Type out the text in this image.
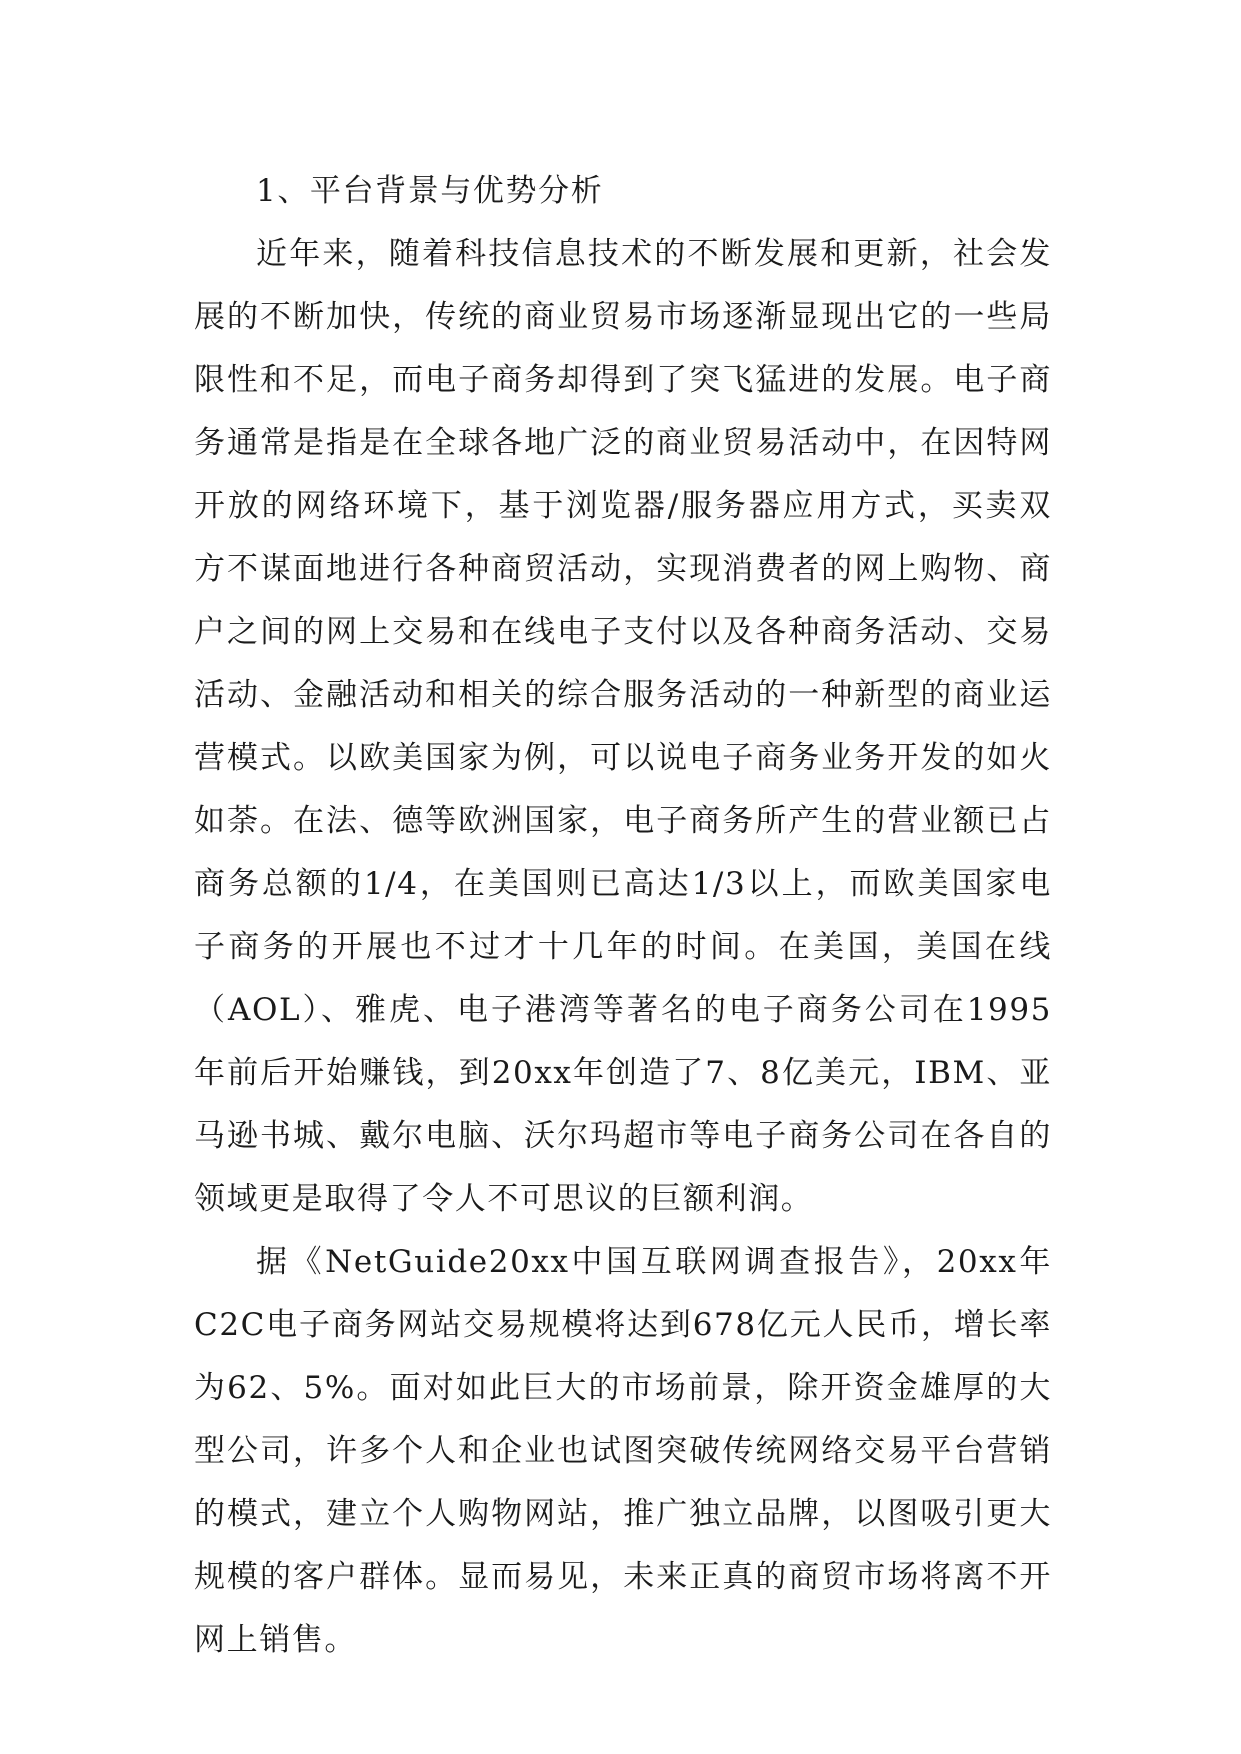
1、平台背景与优势分析

近年来，随着科技信息技术的不断发展和更新，社会发展的不断加快，传统的商业贸易市场逐渐显现出它的一些局限性和不足，而电子商务却得到了突飞猛进的发展。电子商务通常是指是在全球各地广泛的商业贸易活动中，在因特网开放的网络环境下，基于浏览器/服务器应用方式，买卖双方不谋面地进行各种商贸活动，实现消费者的网上购物、商户之间的网上交易和在线电子支付以及各种商务活动、交易活动、金融活动和相关的综合服务活动的一种新型的商业运营模式。以欧美国家为例，可以说电子商务业务开发的如火如荼。在法、德等欧洲国家，电子商务所产生的营业额已占商务总额的1/4，在美国则已高达1/3以上，而欧美国家电子商务的开展也不过才十几年的时间。在美国，美国在线（AOL）、雅虎、电子港湾等著名的电子商务公司在1995年前后开始赚钱，到20xx年创造了7、8亿美元，IBM、亚马逊书城、戴尔电脑、沃尔玛超市等电子商务公司在各自的领域更是取得了令人不可思议的巨额利润。

据《NetGuide20xx中国互联网调查报告》，20xx年C2C电子商务网站交易规模将达到678亿元人民币，增长率为62、5%。面对如此巨大的市场前景，除开资金雄厚的大型公司，许多个人和企业也试图突破传统网络交易平台营销的模式，建立个人购物网站，推广独立品牌，以图吸引更大规模的客户群体。显而易见，未来正真的商贸市场将离不开网上销售。
